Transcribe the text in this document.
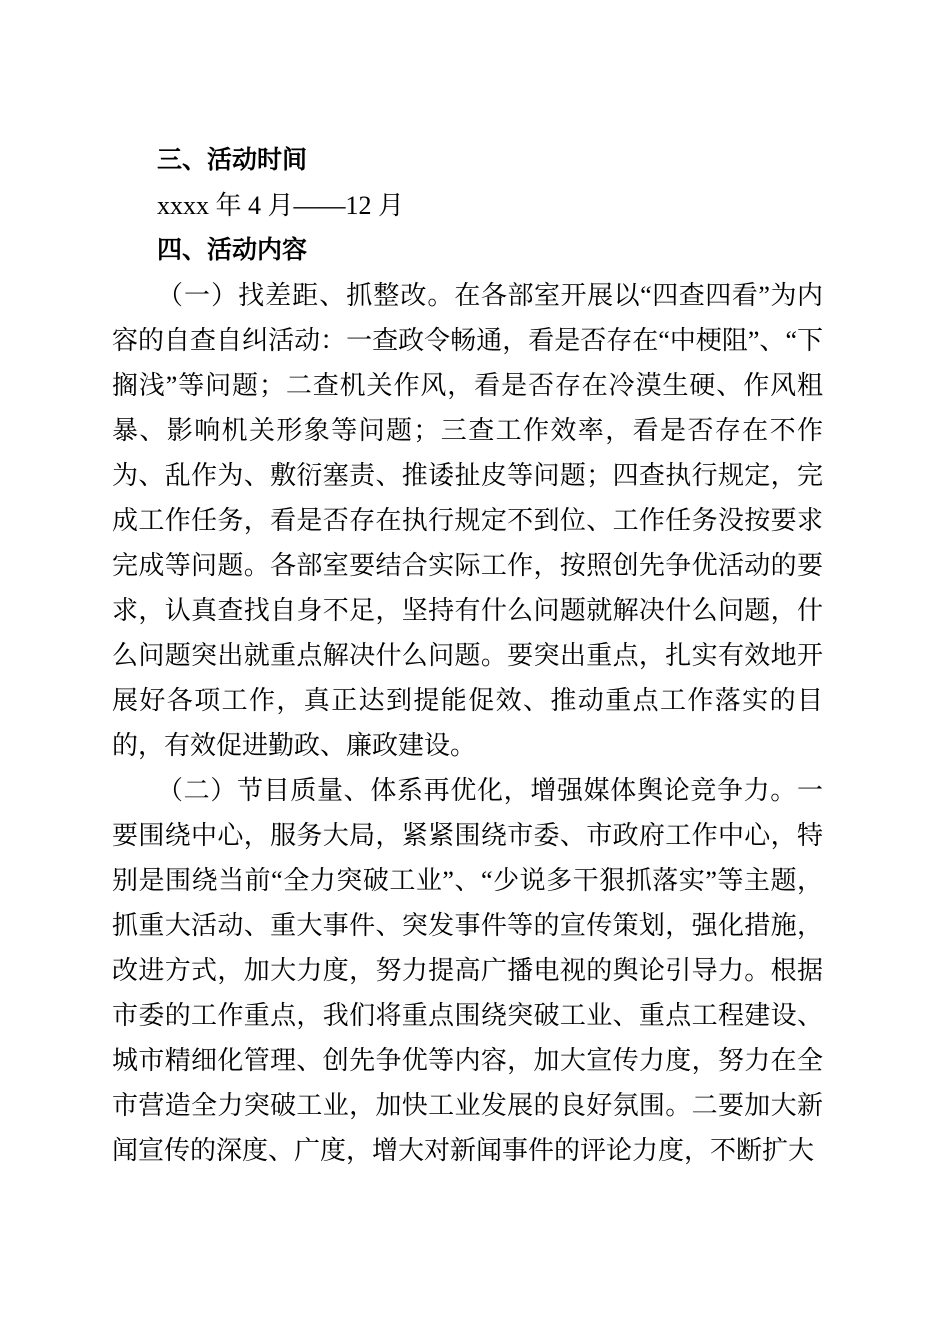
三、活动时间

xxxx 年 4 月——12 月

四、活动内容

（一）找差距、抓整改。在各部室开展以“四查四看”为内容的自查自纠活动：一查政令畅通，看是否存在“中梗阻”、“下搁浅”等问题；二查机关作风，看是否存在冷漠生硬、作风粗暴、影响机关形象等问题；三查工作效率，看是否存在不作为、乱作为、敷衍塞责、推诿扯皮等问题；四查执行规定，完成工作任务，看是否存在执行规定不到位、工作任务没按要求完成等问题。各部室要结合实际工作，按照创先争优活动的要求，认真查找自身不足，坚持有什么问题就解决什么问题，什么问题突出就重点解决什么问题。要突出重点，扎实有效地开展好各项工作，真正达到提能促效、推动重点工作落实的目的，有效促进勤政、廉政建设。

（二）节目质量、体系再优化，增强媒体舆论竞争力。一要围绕中心，服务大局，紧紧围绕市委、市政府工作中心，特别是围绕当前“全力突破工业”、“少说多干狠抓落实”等主题，抓重大活动、重大事件、突发事件等的宣传策划，强化措施，改进方式，加大力度，努力提高广播电视的舆论引导力。根据市委的工作重点，我们将重点围绕突破工业、重点工程建设、城市精细化管理、创先争优等内容，加大宣传力度，努力在全市营造全力突破工业，加快工业发展的良好氛围。二要加大新闻宣传的深度、广度，增大对新闻事件的评论力度，不断扩大
